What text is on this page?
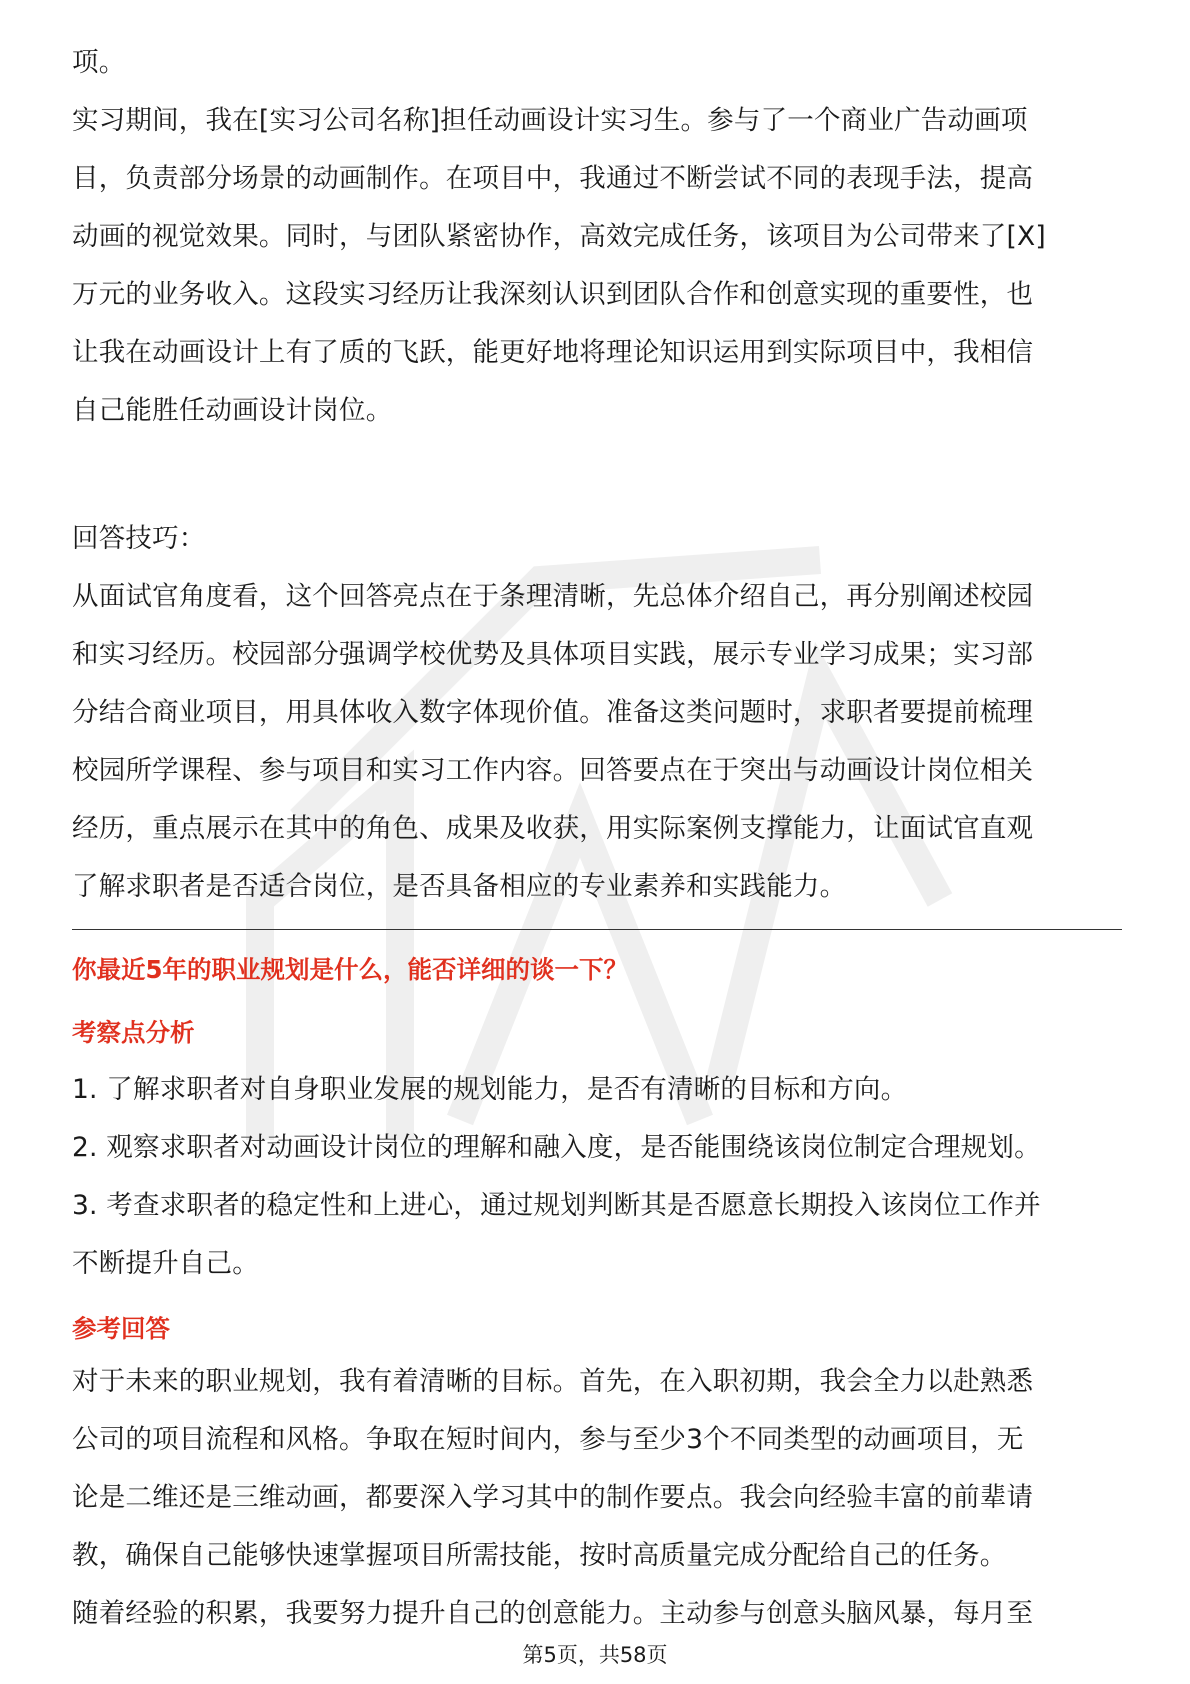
项。

实习期间，我在[实习公司名称]担任动画设计实习生。参与了一个商业广告动画项

目，负责部分场景的动画制作。在项目中，我通过不断尝试不同的表现手法，提高

动画的视觉效果。同时，与团队紧密协作，高效完成任务，该项目为公司带来了[X]

万元的业务收入。这段实习经历让我深刻认识到团队合作和创意实现的重要性，也

让我在动画设计上有了质的飞跃，能更好地将理论知识运用到实际项目中，我相信

自己能胜任动画设计岗位。

回答技巧：

从面试官角度看，这个回答亮点在于条理清晰，先总体介绍自己，再分别阐述校园

和实习经历。校园部分强调学校优势及具体项目实践，展示专业学习成果；实习部

分结合商业项目，用具体收入数字体现价值。准备这类问题时，求职者要提前梳理

校园所学课程、参与项目和实习工作内容。回答要点在于突出与动画设计岗位相关

经历，重点展示在其中的角色、成果及收获，用实际案例支撑能力，让面试官直观

了解求职者是否适合岗位，是否具备相应的专业素养和实践能力。

你最近5年的职业规划是什么，能否详细的谈一下？
考察点分析

1. 了解求职者对自身职业发展的规划能力，是否有清晰的目标和方向。

2. 观察求职者对动画设计岗位的理解和融入度，是否能围绕该岗位制定合理规划。

3. 考查求职者的稳定性和上进心，通过规划判断其是否愿意长期投入该岗位工作并

不断提升自己。

参考回答

对于未来的职业规划，我有着清晰的目标。首先，在入职初期，我会全力以赴熟悉

公司的项目流程和风格。争取在短时间内，参与至少3个不同类型的动画项目，无

论是二维还是三维动画，都要深入学习其中的制作要点。我会向经验丰富的前辈请

教，确保自己能够快速掌握项目所需技能，按时高质量完成分配给自己的任务。

随着经验的积累，我要努力提升自己的创意能力。主动参与创意头脑风暴，每月至

第5页，共58页
